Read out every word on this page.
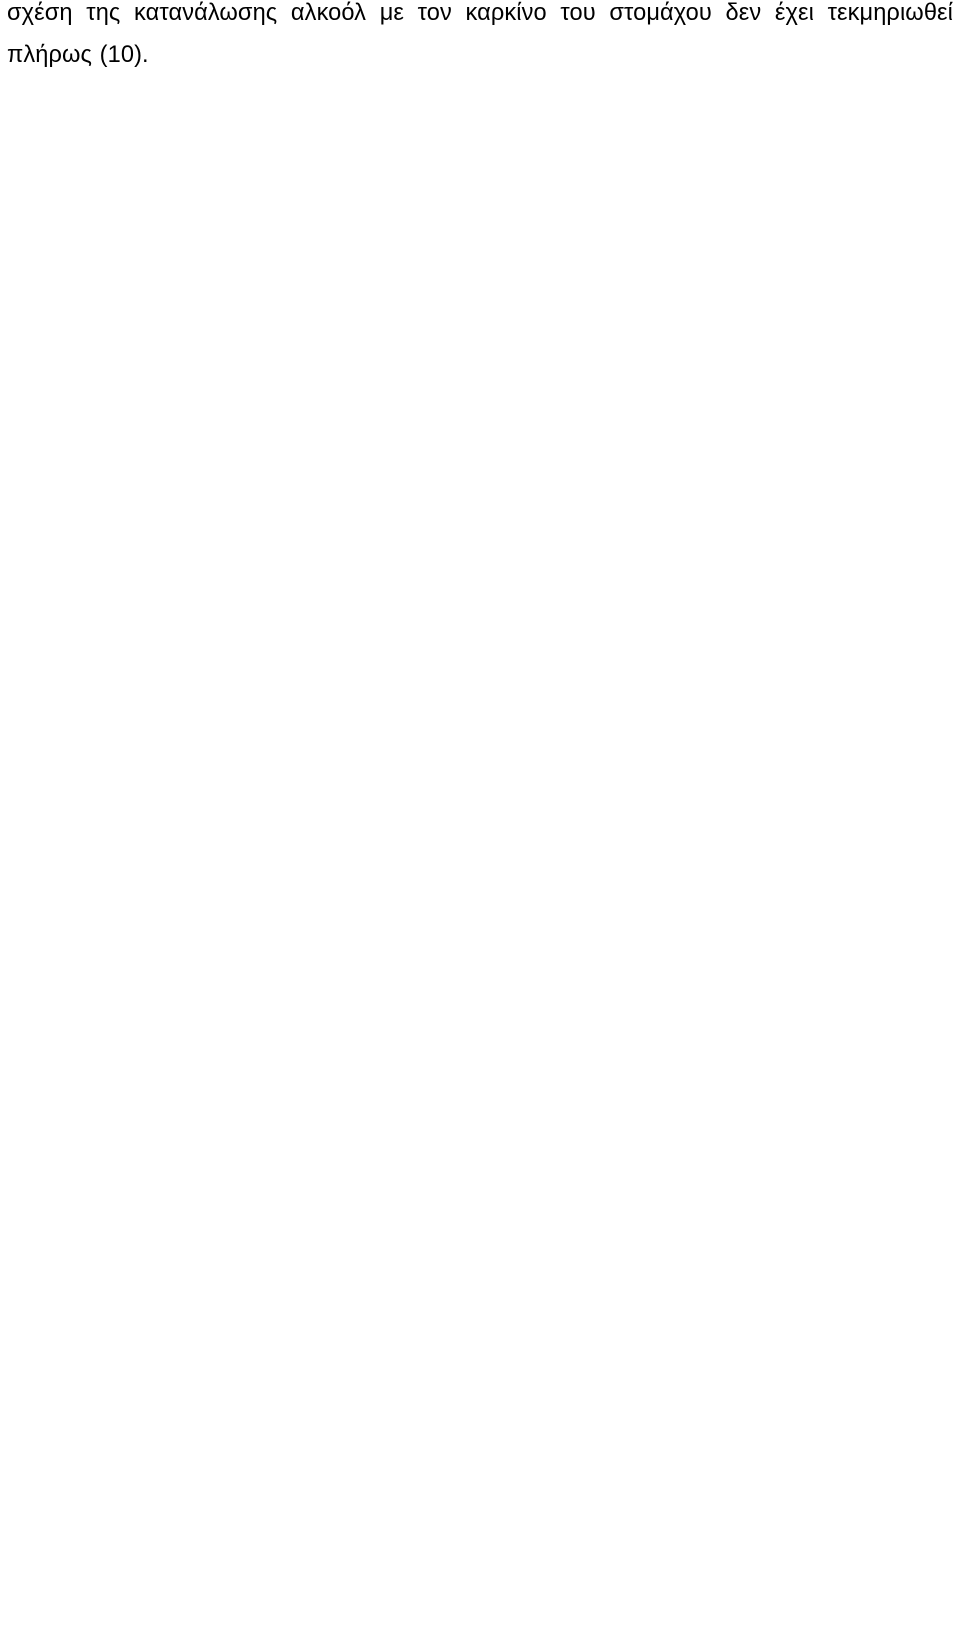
σχέση της κατανάλωσης αλκοόλ με τον καρκίνο του στομάχου δεν έχει τεκμηριωθεί πλήρως (10).
